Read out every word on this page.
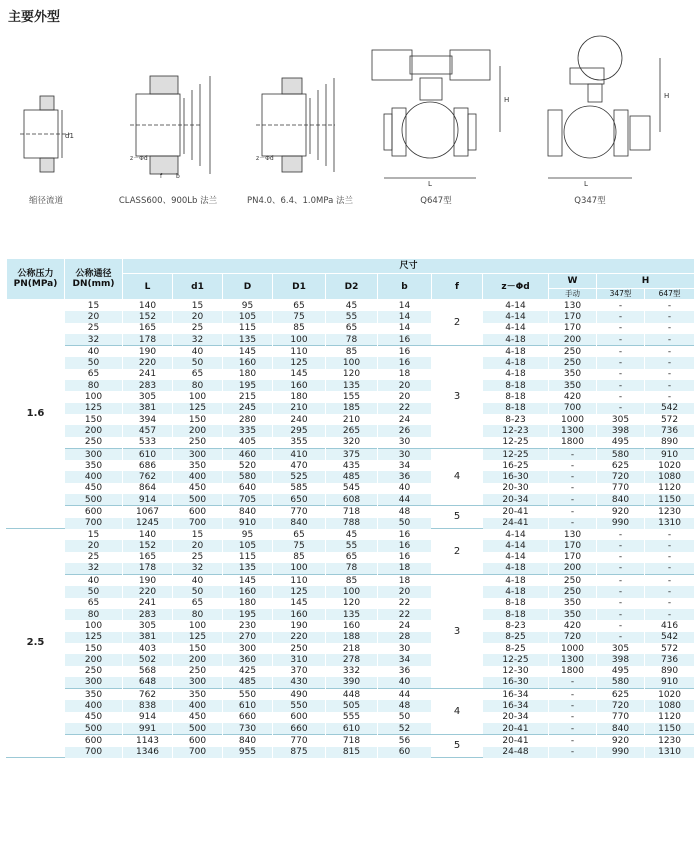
主要外型
d1
z－Φd
f b
z－Φd
L
H
L
H
缩径流道	CLASS600、900Lb 法兰	PN4.0、6.4、1.0MPa 法兰	Q647型	Q347型
公称压力PN(MPa)	公称通径DN(mm)	尺寸										
		L	d1	D	D1	D2	b	f	z－Φd	W	H	
										手动	347型	647型
1.6	15	140	15	95	65	45	14	2	4-14	130	-	-
	20	152	20	105	75	55	14		4-14	170	-	-
	25	165	25	115	85	65	14		4-14	170	-	-
	32	178	32	135	100	78	16		4-18	200	-	-
	40	190	40	145	110	85	16	3	4-18	250	-	-
	50	220	50	160	125	100	16		4-18	250	-	-
	65	241	65	180	145	120	18		4-18	350	-	-
	80	283	80	195	160	135	20		8-18	350	-	-
	100	305	100	215	180	155	20		8-18	420	-	-
	125	381	125	245	210	185	22		8-18	700	-	542
	150	394	150	280	240	210	24		8-23	1000	305	572
	200	457	200	335	295	265	26		12-23	1300	398	736
	250	533	250	405	355	320	30		12-25	1800	495	890
	300	610	300	460	410	375	30	4	12-25	-	580	910
	350	686	350	520	470	435	34		16-25	-	625	1020
	400	762	400	580	525	485	36		16-30	-	720	1080
	450	864	450	640	585	545	40		20-30	-	770	1120
	500	914	500	705	650	608	44		20-34	-	840	1150
	600	1067	600	840	770	718	48	5	20-41	-	920	1230
	700	1245	700	910	840	788	50		24-41	-	990	1310
2.5	15	140	15	95	65	45	16	2	4-14	130	-	-
	20	152	20	105	75	55	16		4-14	170	-	-
	25	165	25	115	85	65	16		4-14	170	-	-
	32	178	32	135	100	78	18		4-18	200	-	-
	40	190	40	145	110	85	18	3	4-18	250	-	-
	50	220	50	160	125	100	20		4-18	250	-	-
	65	241	65	180	145	120	22		8-18	350	-	-
	80	283	80	195	160	135	22		8-18	350	-	-
	100	305	100	230	190	160	24		8-23	420	-	416
	125	381	125	270	220	188	28		8-25	720	-	542
	150	403	150	300	250	218	30		8-25	1000	305	572
	200	502	200	360	310	278	34		12-25	1300	398	736
	250	568	250	425	370	332	36		12-30	1800	495	890
	300	648	300	485	430	390	40		16-30	-	580	910
	350	762	350	550	490	448	44	4	16-34	-	625	1020
	400	838	400	610	550	505	48		16-34	-	720	1080
	450	914	450	660	600	555	50		20-34	-	770	1120
	500	991	500	730	660	610	52		20-41	-	840	1150
	600	1143	600	840	770	718	56	5	20-41	-	920	1230
	700	1346	700	955	875	815	60		24-48	-	990	1310
